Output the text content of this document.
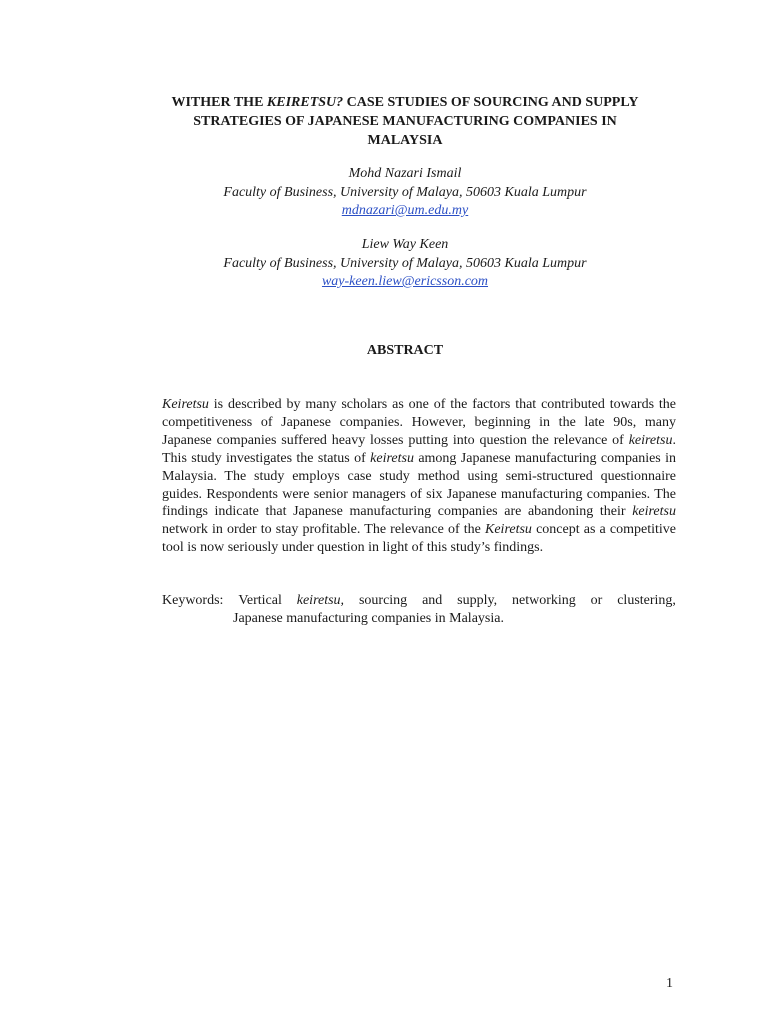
WITHER THE KEIRETSU? CASE STUDIES OF SOURCING AND SUPPLY
STRATEGIES OF JAPANESE MANUFACTURING COMPANIES IN
MALAYSIA
Mohd Nazari Ismail
Faculty of Business, University of Malaya, 50603 Kuala Lumpur
mdnazari@um.edu.my
Liew Way Keen
Faculty of Business, University of Malaya, 50603 Kuala Lumpur
way-keen.liew@ericsson.com
ABSTRACT
Keiretsu is described by many scholars as one of the factors that contributed towards the competitiveness of Japanese companies. However, beginning in the late 90s, many Japanese companies suffered heavy losses putting into question the relevance of keiretsu. This study investigates the status of keiretsu among Japanese manufacturing companies in Malaysia. The study employs case study method using semi-structured questionnaire guides. Respondents were senior managers of six Japanese manufacturing companies. The findings indicate that Japanese manufacturing companies are abandoning their keiretsu network in order to stay profitable. The relevance of the Keiretsu concept as a competitive tool is now seriously under question in light of this study’s findings.
Keywords: Vertical keiretsu, sourcing and supply, networking or clustering,
Japanese manufacturing companies in Malaysia.
1
